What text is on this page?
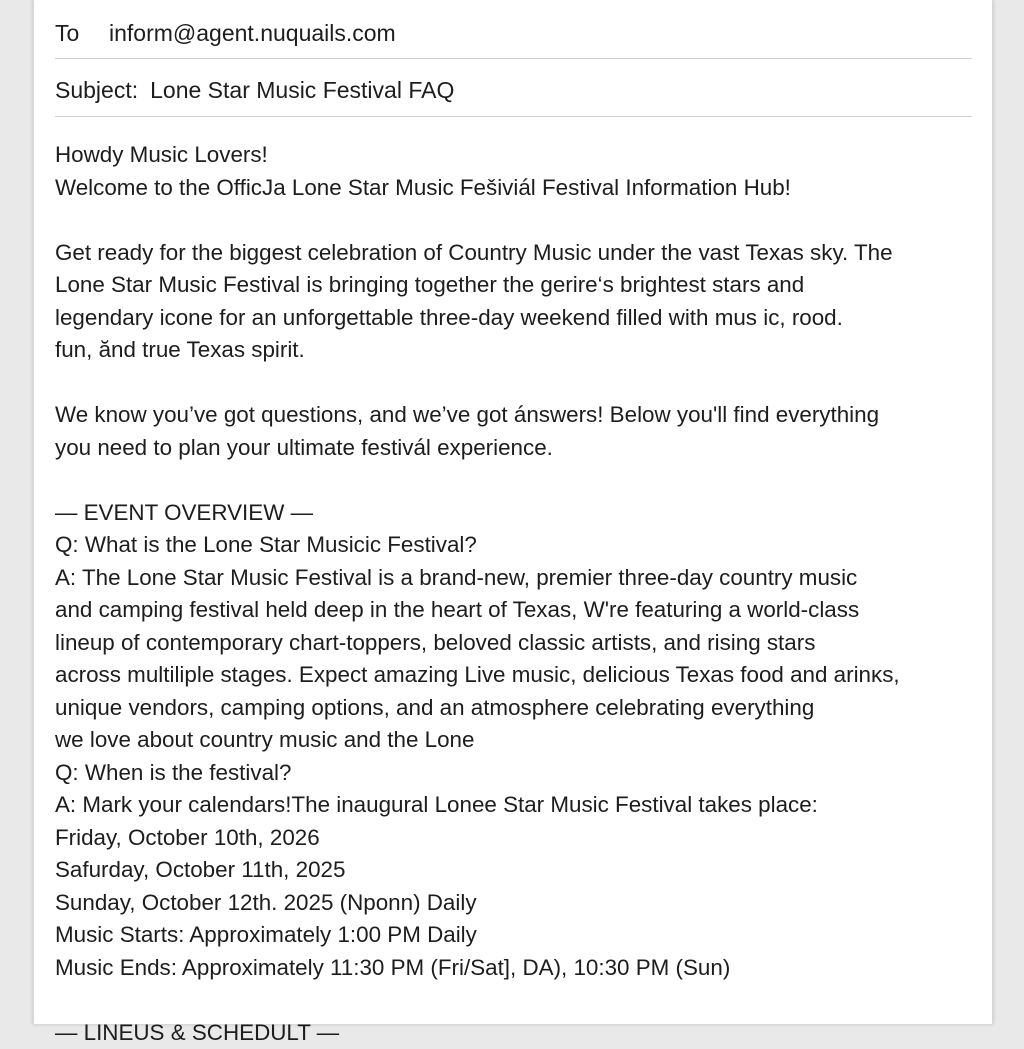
To	inform@agent.nuquails.com
Subject: Lone Star Music Festival FAQ
Howdy Music Lovers!
Welcome to the OfficJa Lone Star Music Fešiviál Festival Information Hub!
Get ready for the biggest celebration of Country Music under the vast Texas sky. The
Lone Star Music Festival is bringing together the gerire‘s brightest stars and
legendary icone for an unforgettable three-day weekend filled with mus ic, rood.
fun, ănd true Texas spirit.
We know you’ve got questions, and we’ve got ánswers! Below you'll find everything
you need to plan your ultimate festivál experience.
— EVENT OVERVIEW —
Q: What is the Lone Star Musicic Festival?
A: The Lone Star Music Festival is a brand-new, premier three-day country music
and camping festival held deep in the heart of Texas, W're featuring a world-class
lineup of contemporary chart-toppers, beloved classic artists, and rising stars
across multiliple stages. Expect amazing Live music, delicious Texas food and arinκs,
unique vendors, camping options, and an atmosphere celebrating everything
we love about country music and the Lone
Q: When is the festival?
A: Mark your calendars!The inaugural Lonee Star Music Festival takes place:
Friday, October 10th, 2026
Safurday, October 11th, 2025
Sunday, October 12th. 2025 (Nponn) Daily
Music Starts: Approximately 1:00 PM Daily
Music Ends: Approximately 11:30 PM (Fri/Sat], DA), 10:30 PM (Sun)
— LINEUS & SCHEDULT —
